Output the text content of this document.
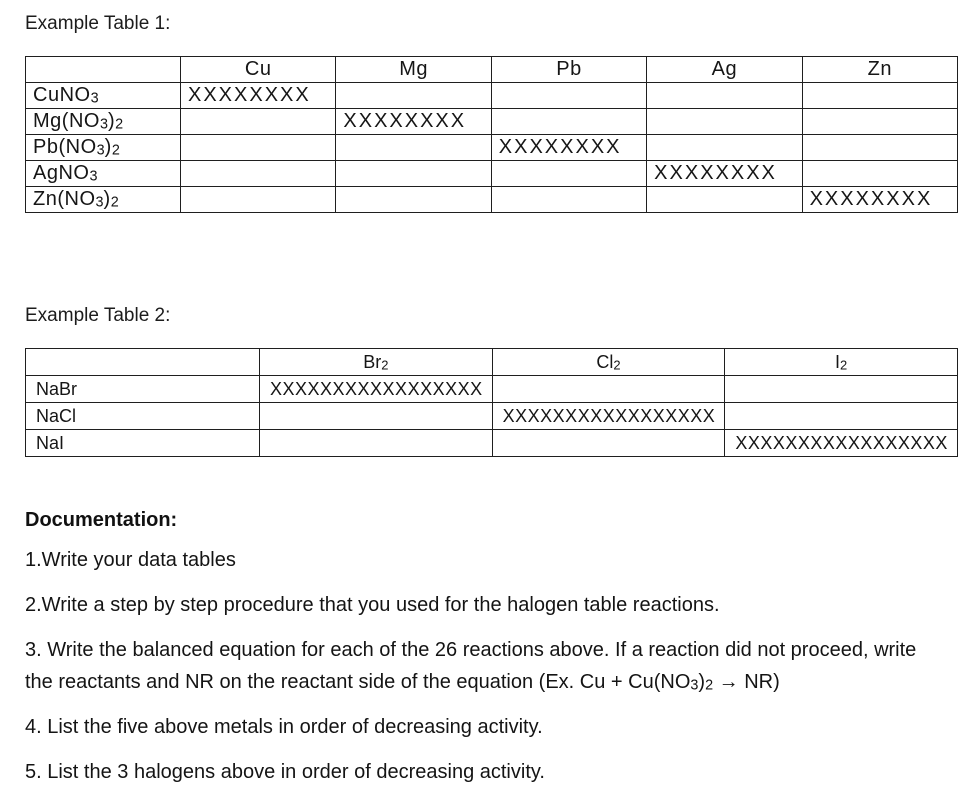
Example Table 1:
	Cu	Mg	Pb	Ag	Zn
CuNO$_3$	XXXXXXXX				
$Mg(NO_3)_2$		XXXXXXXX			
$Pb(NO_3)_2$			XXXXXXXX		
AgNO$_3$				XXXXXXXX	
$Zn(NO_3)_2$					XXXXXXXX
Example Table 2:
	$Br_2$	$Cl_2$	$I_2$
NaBr	XXXXXXXXXXXXXXXXX		
NaCl		XXXXXXXXXXXXXXXXX	
NaI			XXXXXXXXXXXXXXXXX
Documentation:

1.Write your data tables

2.Write a step by step procedure that you used for the halogen table reactions.

3. Write the balanced equation for each of the 26 reactions above. If a reaction did not proceed, write the reactants and NR on the reactant side of the equation (Ex. $Cu + Cu(NO_3)_2 \to NR$)

4. List the five above metals in order of decreasing activity.

5. List the 3 halogens above in order of decreasing activity.
